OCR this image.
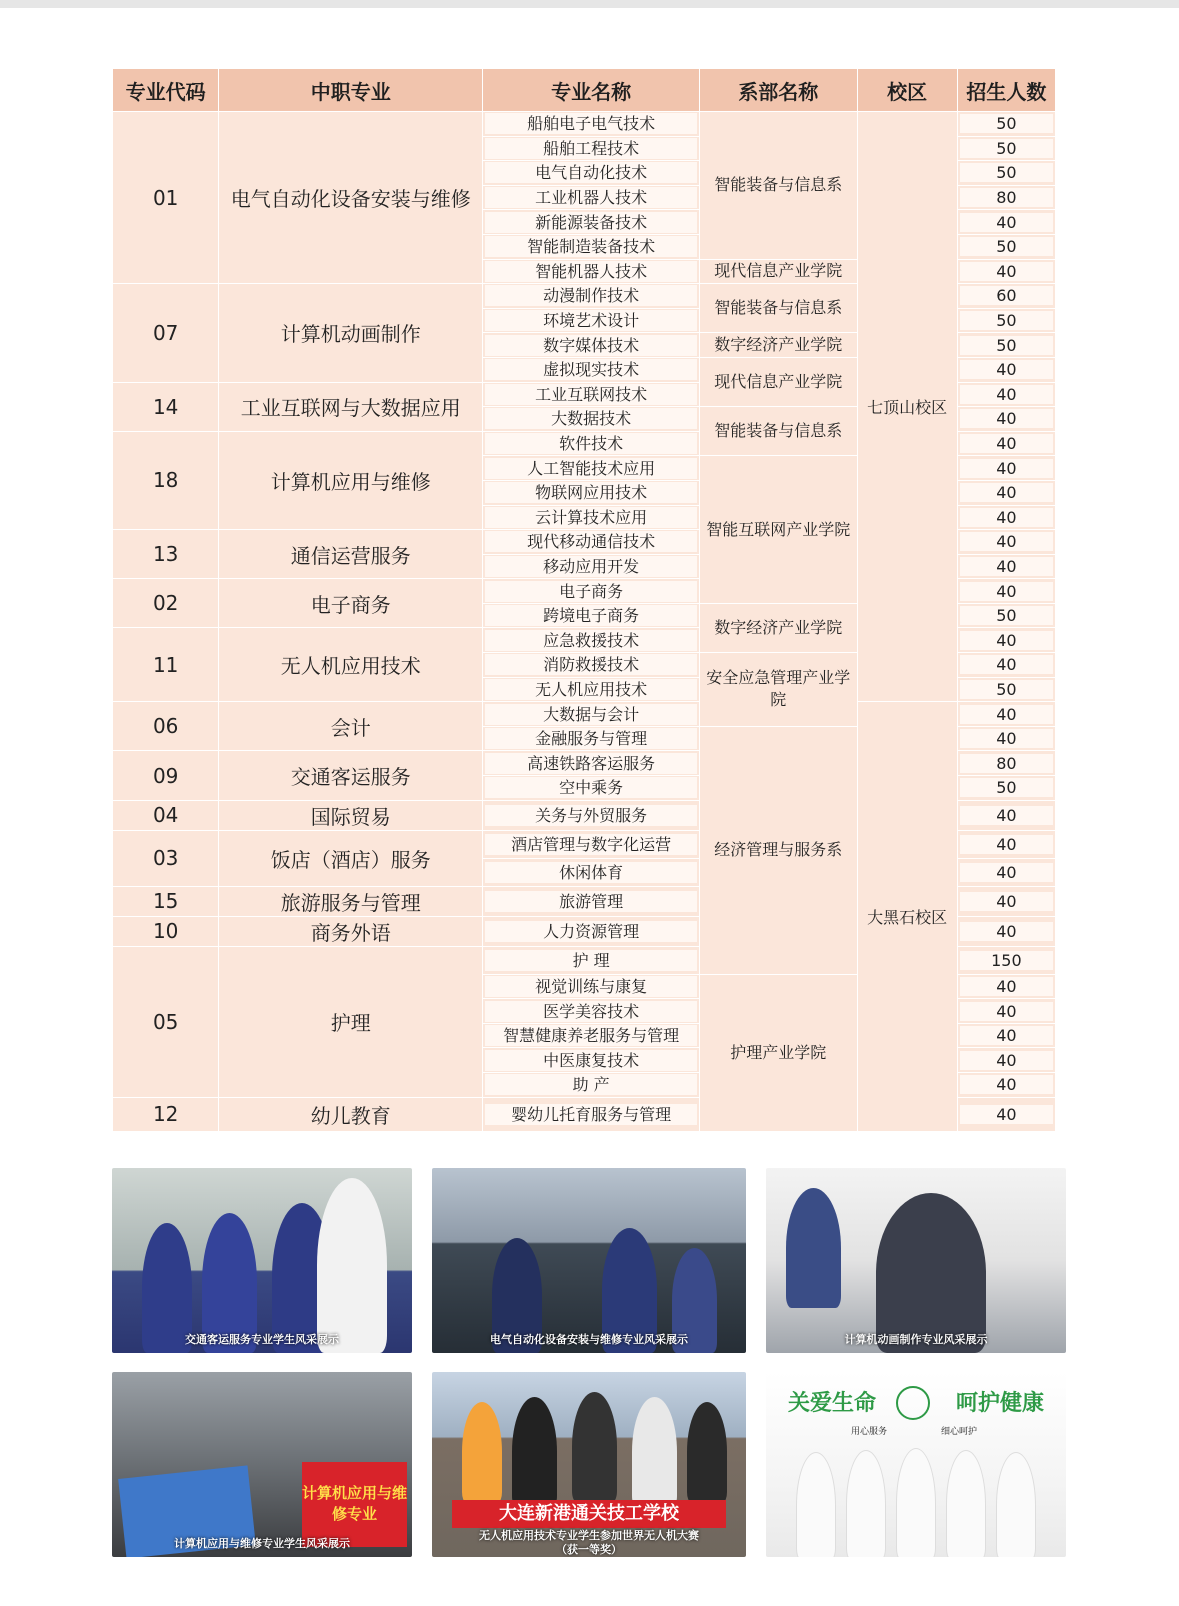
专业代码	中职专业	专业名称	系部名称	校区	招生人数
01	电气自动化设备安装与维修	船舶电子电气技术	智能装备与信息系	七顶山校区	50

		船舶工程技术			50

		电气自动化技术			50

		工业机器人技术			80

		新能源装备技术			40

		智能制造装备技术			50

		智能机器人技术	现代信息产业学院		40

07	计算机动画制作	动漫制作技术	智能装备与信息系		60

		环境艺术设计			50

		数字媒体技术	数字经济产业学院		50

		虚拟现实技术	现代信息产业学院		40

14	工业互联网与大数据应用	工业互联网技术			40

		大数据技术	智能装备与信息系		40

18	计算机应用与维修	软件技术			40

		人工智能技术应用	智能互联网产业学院		40

		物联网应用技术			40

		云计算技术应用			40

13	通信运营服务	现代移动通信技术			40

		移动应用开发			40

02	电子商务	电子商务			40

		跨境电子商务	数字经济产业学院		50

11	无人机应用技术	应急救援技术			40

		消防救援技术	安全应急管理产业学院		40

		无人机应用技术			50

06	会计	大数据与会计		大黑石校区	40

		金融服务与管理	经济管理与服务系		40

09	交通客运服务	高速铁路客运服务			80

		空中乘务			50

04	国际贸易	关务与外贸服务			40

03	饭店（酒店）服务	酒店管理与数字化运营			40

		休闲体育			40

15	旅游服务与管理	旅游管理			40

10	商务外语	人力资源管理			40

05	护理	护 理			150

		视觉训练与康复	护理产业学院		40

		医学美容技术			40

		智慧健康养老服务与管理			40

		中医康复技术			40

		助 产			40

12	幼儿教育	婴幼儿托育服务与管理			40
交通客运服务专业学生风采展示	电气自动化设备安装与维修专业风采展示	计算机动画制作专业风采展示
计算机应用与维修专业
计算机应用与维修专业学生风采展示
大连新港通关技工学校
无人机应用技术专业学生参加世界无人机大赛
（获一等奖）
关爱生命	呵护健康
用心服务	细心呵护
